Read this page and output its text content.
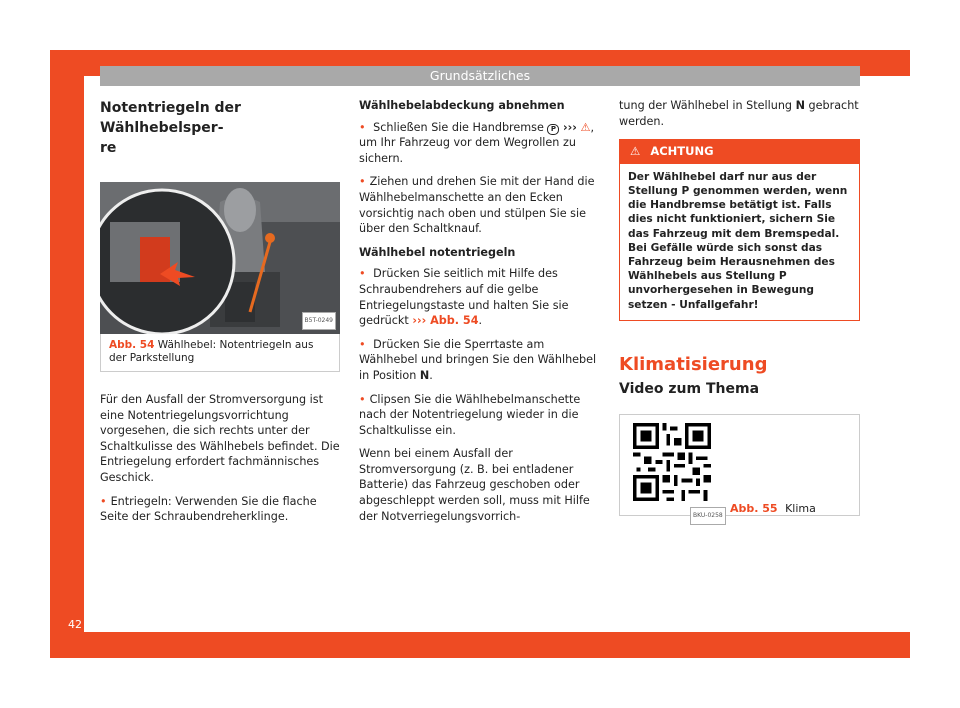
Grundsätzliches
Notentriegeln der Wählhebelsper-
re
B5T-0249
Abb. 54 Wählhebel: Notentriegeln aus der Parkstellung

Für den Ausfall der Stromversorgung ist eine Notentriegelungsvorrichtung vorgesehen, die sich rechts unter der Schaltkulisse des Wählhebels befindet. Die Entriegelung erfordert fachmännisches Geschick.

• Entriegeln: Verwenden Sie die flache Seite der Schraubendreherklinge.

Wählhebelabdeckung abnehmen

• Schließen Sie die Handbremse P ››› ⚠, um Ihr Fahrzeug vor dem Wegrollen zu sichern.

• Ziehen und drehen Sie mit der Hand die Wählhebelmanschette an den Ecken vorsichtig nach oben und stülpen Sie sie über den Schaltknauf.

Wählhebel notentriegeln

• Drücken Sie seitlich mit Hilfe des Schraubendrehers auf die gelbe Entriegelungstaste und halten Sie sie gedrückt ››› Abb. 54.

• Drücken Sie die Sperrtaste am Wählhebel und bringen Sie den Wählhebel in Position N.

• Clipsen Sie die Wählhebelmanschette nach der Notentriegelung wieder in die Schaltkulisse ein.

Wenn bei einem Ausfall der Stromversorgung (z. B. bei entladener Batterie) das Fahrzeug geschoben oder abgeschleppt werden soll, muss mit Hilfe der Notverriegelungsvorrich-

tung der Wählhebel in Stellung N gebracht werden.

⚠ ACHTUNG
Der Wählhebel darf nur aus der Stellung P genommen werden, wenn die Handbremse betätigt ist. Falls dies nicht funktioniert, sichern Sie das Fahrzeug mit dem Bremspedal. Bei Gefälle würde sich sonst das Fahrzeug beim Herausnehmen des Wählhebels aus Stellung P unvorhergesehen in Bewegung setzen - Unfallgefahr!
Klimatisierung
Video zum Thema
BKU-0258
Abb. 55 Klima
42
